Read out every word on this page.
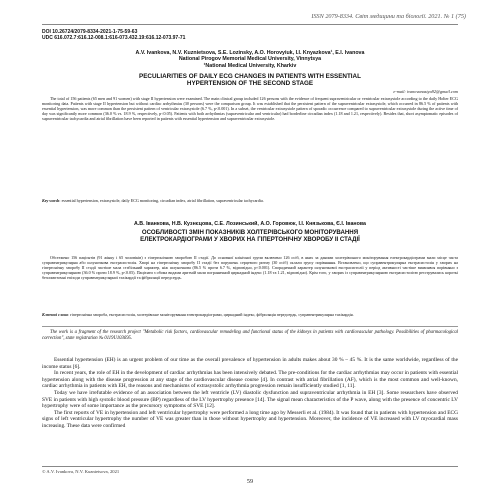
ISSN 2079-8334. Світ медицини та біології. 2021. № 1 (75)
DOI 10.26724/2079-8334-2021-1-75-59-63
UDC 616.072.7:616.12-008.1:616-073.432.19:616.12-073.97-71
A.V. Ivankova, N.V. Kuznietsova, S.E. Lozinsky, A.O. Horovyiuk, I.I. Knyazkova¹, E.I. Ivanova
National Pirogov Memorial Medical University, Vinnytsya
¹National Medical University, Kharkiv
PECULIARITIES OF DAILY ECG CHANGES IN PATIENTS WITH ESSENTIAL
HYPERTENSION OF THE SECOND STAGE
e-mail: ivanovanastya92@gmail.com
The total of 156 patients (65 men and 91 women) with stage II hypertension were examined. The main clinical group included 126 persons with the evidence of frequent supraventricular or ventricular extrasystole according to the daily Holter ECG monitoring data. Patients with stage II hypertension but without cardiac arrhythmias (30 persons) were the comparison group. It was established that the persistent pattern of the supraventricular extrasystole, which occurred in 86.5 % of patients with essential hypertension, was more common than the persistent pattern of ventricular extrasystole (6.7 %, p<0.001). In a subset, the ventricular extrasystole pattern of sporadic occurrence compared to supraventricular extrasystole during the active time of day was significantly more common (36.0 % vs. 18.9 %, respectively, p<0.05). Patients with both arrhythmias (supraventricular and ventricular) had borderline circadian index (1.18 and 1.21, respectively). Besides that, short asymptomatic episodes of supraventricular tachycardia and atrial fibrillation have been reported in patients with essential hypertension and supraventricular extrasystole.
Key words: essential hypertension, extrasystole, daily ECG monitoring, circadian index, atrial fibrillation, supraventricular tachycardia.
А.В. Іванкова, Н.В. Кузнєцова, С.Е. Лозинський, А.О. Горовюк, І.І. Князькова, Є.І. Іванова
ОСОБЛИВОСТІ ЗМІН ПОКАЗНИКІВ ХОЛТЕРІВСЬКОГО МОНІТОРУВАННЯ
ЕЛЕКТРОКАРДІОГРАМИ У ХВОРИХ НА ГІПЕРТОНІЧНУ ХВОРОБУ ІІ СТАДІЇ
Обстежено 156 пацієнтів (91 жінку і 65 чоловіків) з гіпертонічною хворобою ІІ стадії. До основної клінічної групи включено 126 осіб, в яких за даними холтерівського моніторування електрокардіограми мали місце часта суправентрикулярна або шлуночкова екстрасистолія. Хворі на гіпертонічну хворобу ІІ стадії без порушень серцевого ритму (30 осіб) склали групу порівняння. Встановлено, що суправентрикулярна екстрасистолія у хворих на гіпертонічну хворобу ІІ стадії частіше мала стабільний характер, ніж шлуночкова (86.5 % проти 6.7 %, відповідно, p<0.001). Спорадичний характер шлуночкової екстрасистолії у період активності частіше виявлявся порівняно з суправентрикулярною (36.0 % проти 18.9 %, p<0.05). Пацієнти з обома видами аритмій мали пограничний циркадний індекс (1.18 та 1.21, відповідно). Крім того, у хворих із суправентрикулярною екстрасистолією реєструвались короткі безсимптомні епізоди суправентрикулярної тахікардії та фібриляції передсердь.
Ключові слова: гіпертонічна хвороба, екстрасистолія, холтерівське моніторування електрокардіограми, циркадний індекс, фібриляція передсердь, суправентрикулярна тахікардія.
The work is a fragment of the research project "Metabolic risk factors, cardiovascular remodeling and functional status of the kidneys in patients with cardiovascular pathology. Possibilities of pharmacological correction", state registration № 0119U103695.

Essential hypertension (EH) is an urgent problem of our time as the overall prevalence of hypertension in adults makes about 30 % – 45 %. It is the same worldwide, regardless of the income status [6].

In recent years, the role of EH in the development of cardiac arrhythmias has been intensively debated. The pre-conditions for the cardiac arrhythmias may occur in patients with essential hypertension along with the disease progression at any stage of the cardiovascular disease course [4]. In contrast with atrial fibrillation (AF), which is the most common and well-known, cardiac arrhythmia in patients with EH, the reasons and mechanisms of extrasystolic arrhythmia progression remain insufficiently studied [1, 11].

Today we have irrefutable evidence of an association between the left ventricle (LV) diastolic dysfunction and supraventricular arrhythmia in EH [3]. Some researchers have observed SVE in patients with high systolic blood pressure (BP) regardless of the LV hypertrophy presence [14]. The signal mean characteristics of the P wave, along with the presence of concentric LV hypertrophy were of some importance as the precursory symptoms of SVE [12].

The first reports of VE in hypertension and left ventricular hypertrophy were performed a long time ago by Messerli et al. (1984). It was found that in patients with hypertension and ECG signs of left ventricular hypertrophy the number of VE was greater than in those without hypertrophy and hypertension. Moreover, the incidence of VE increased with LV myocardial mass increasing. These data were confirmed

© A.V. Ivankova, N.V. Kuznietsova, 2021
59
